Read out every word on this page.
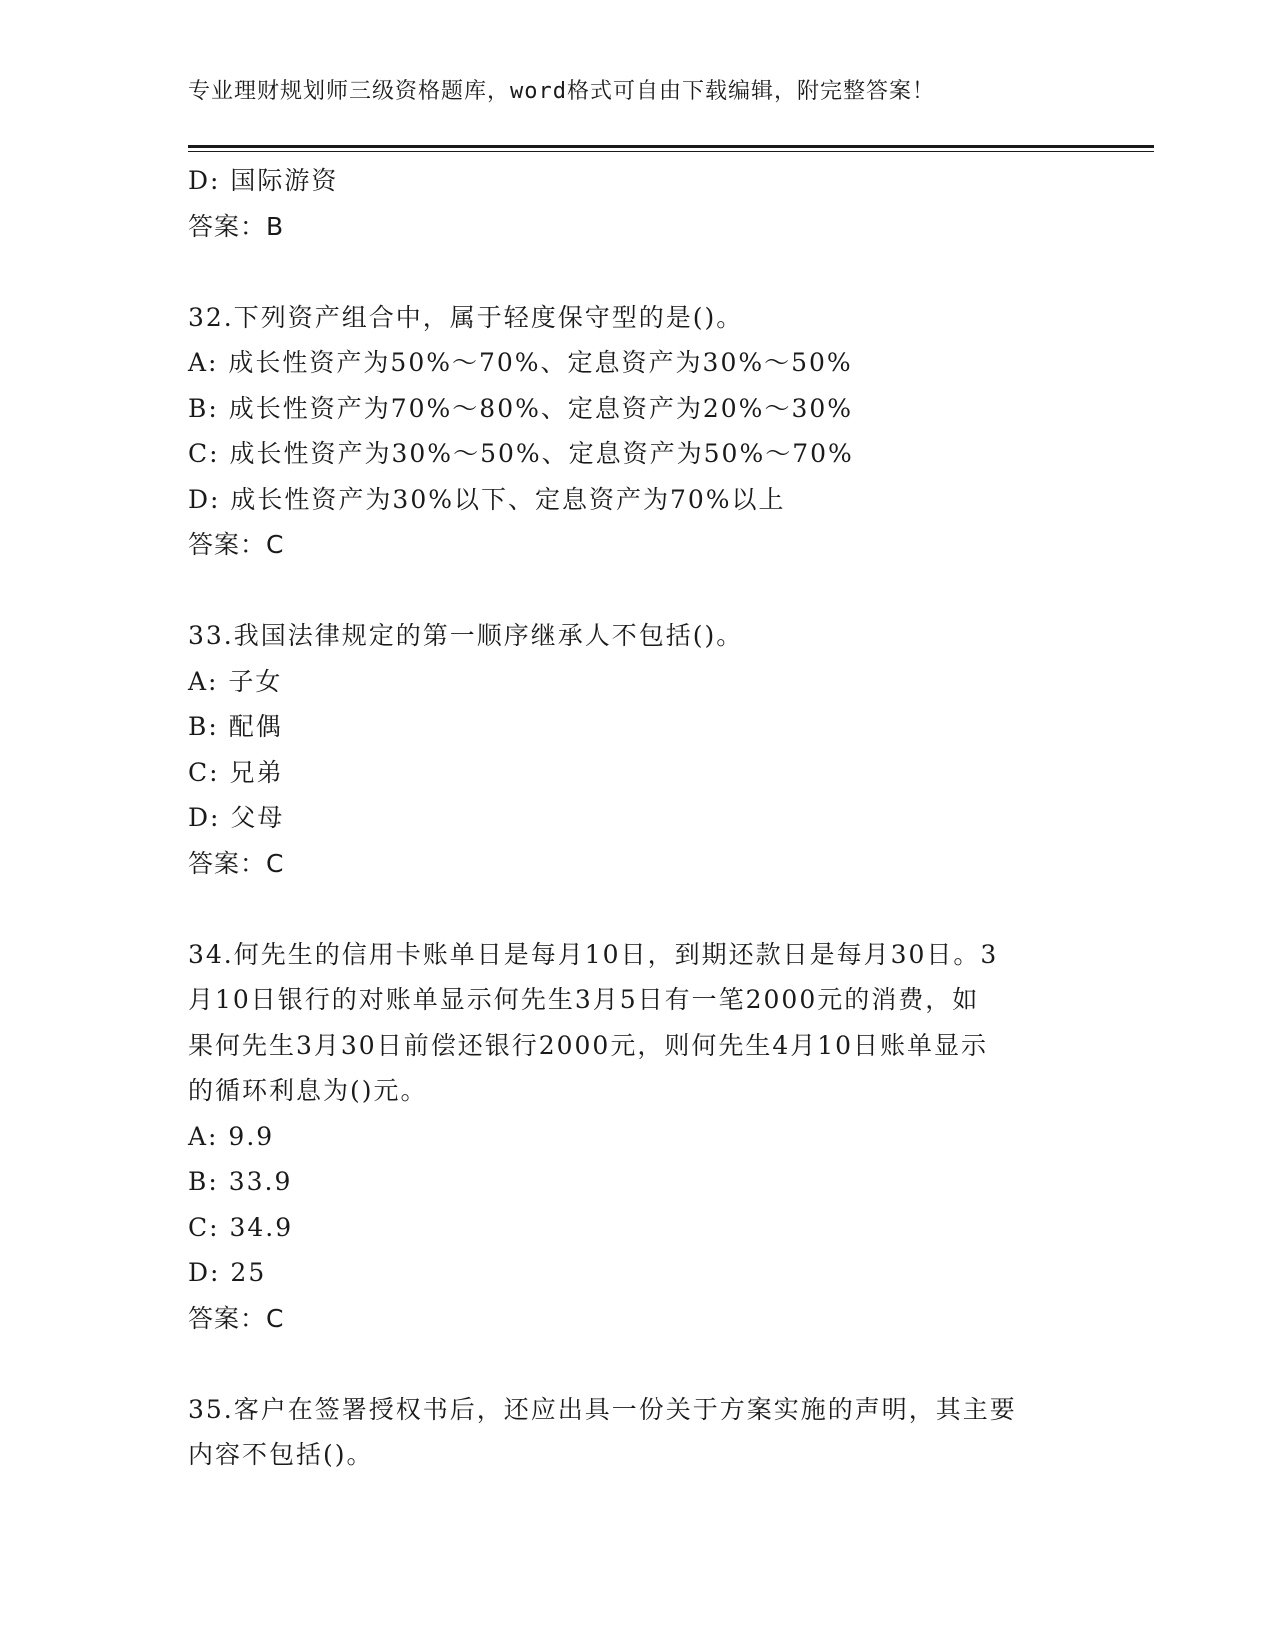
专业理财规划师三级资格题库，word格式可自由下载编辑，附完整答案！
D: 国际游资
答案：B
32.下列资产组合中，属于轻度保守型的是()。
A: 成长性资产为50%～70%、定息资产为30%～50%
B: 成长性资产为70%～80%、定息资产为20%～30%
C: 成长性资产为30%～50%、定息资产为50%～70%
D: 成长性资产为30%以下、定息资产为70%以上
答案：C
33.我国法律规定的第一顺序继承人不包括()。
A: 子女
B: 配偶
C: 兄弟
D: 父母
答案：C
34.何先生的信用卡账单日是每月10日，到期还款日是每月30日。3
月10日银行的对账单显示何先生3月5日有一笔2000元的消费，如
果何先生3月30日前偿还银行2000元，则何先生4月10日账单显示
的循环利息为()元。
A: 9.9
B: 33.9
C: 34.9
D: 25
答案：C
35.客户在签署授权书后，还应出具一份关于方案实施的声明，其主要
内容不包括()。
